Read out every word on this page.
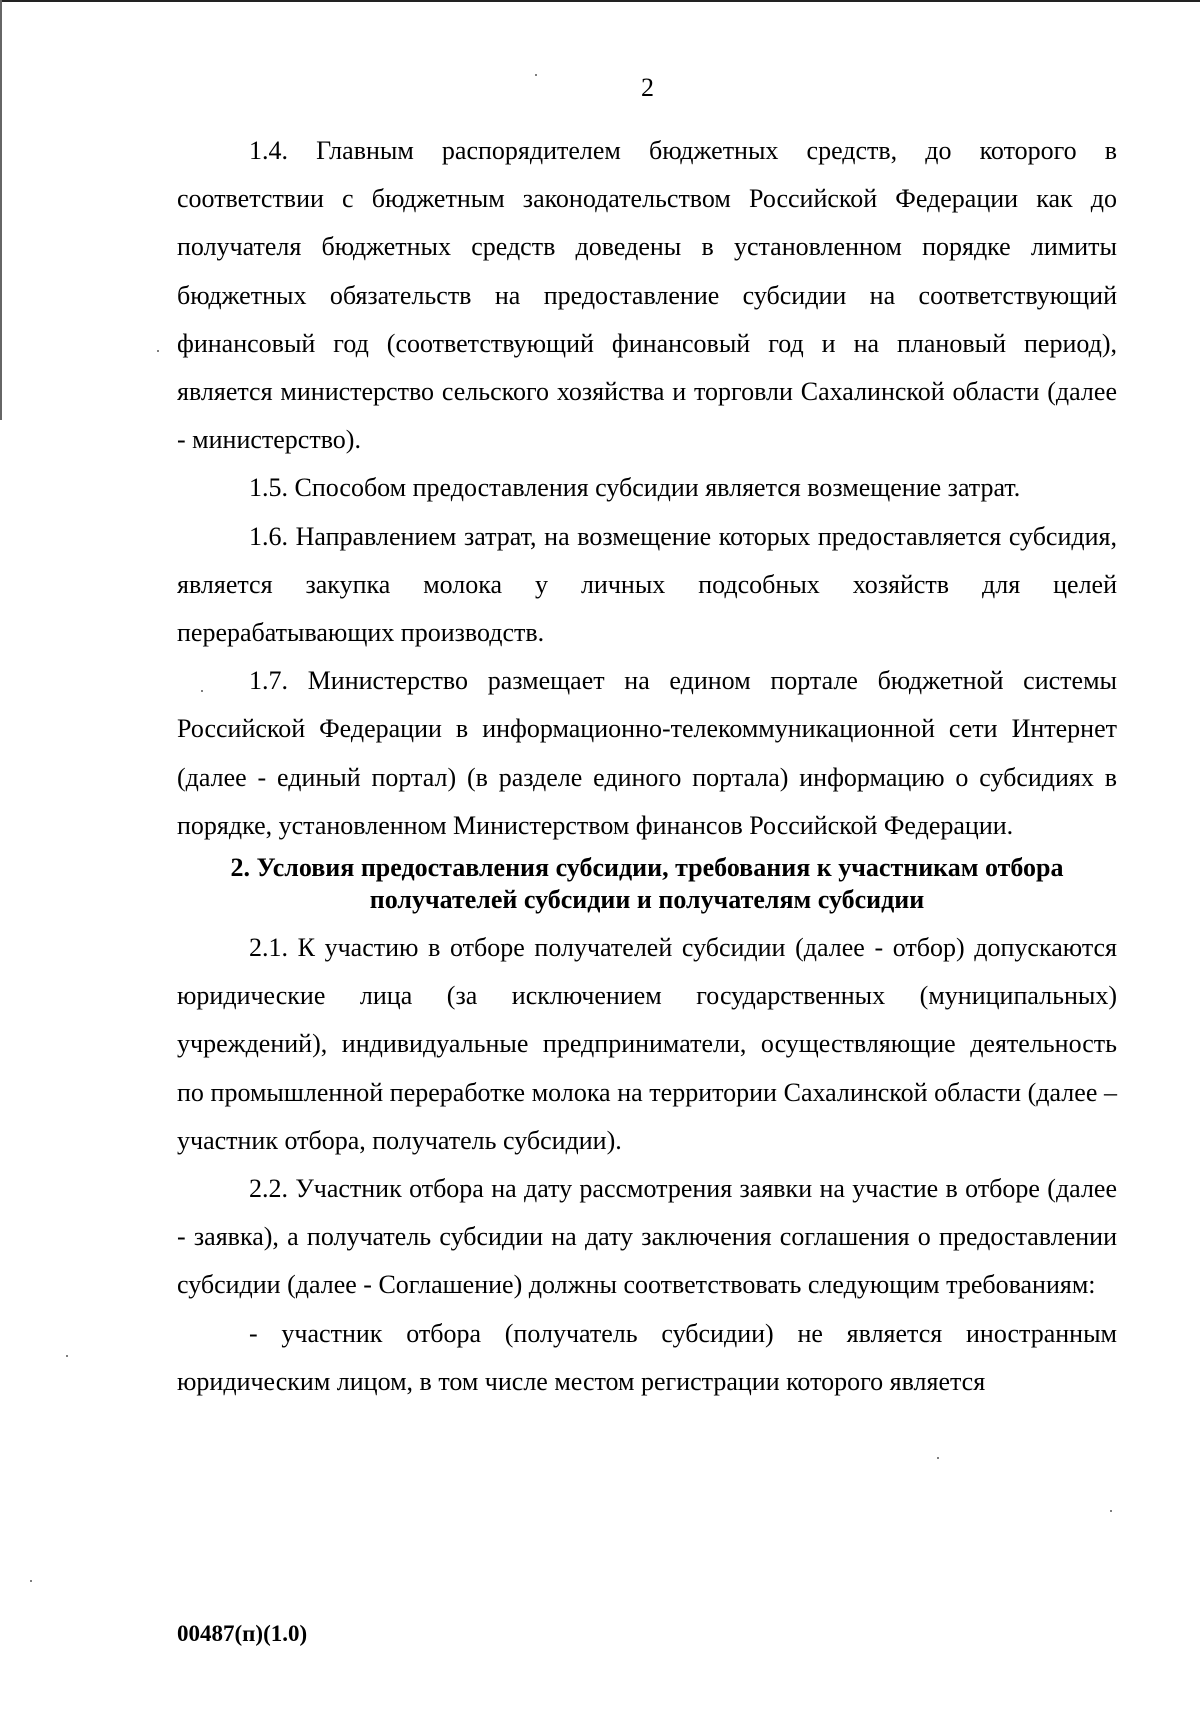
2

1.4. Главным распорядителем бюджетных средств, до которого в соответствии с бюджетным законодательством Российской Федерации как до получателя бюджетных средств доведены в установленном порядке лимиты бюджетных обязательств на предоставление субсидии на соответствующий финансовый год (соответствующий финансовый год и на плановый период), является министерство сельского хозяйства и торговли Сахалинской области (далее - министерство).

1.5. Способом предоставления субсидии является возмещение затрат.

1.6. Направлением затрат, на возмещение которых предоставляется субсидия, является закупка молока у личных подсобных хозяйств для целей перерабатывающих производств.

1.7. Министерство размещает на едином портале бюджетной системы Российской Федерации в информационно-телекоммуникационной сети Интернет (далее - единый портал) (в разделе единого портала) информацию о субсидиях в порядке, установленном Министерством финансов Российской Федерации.

2. Условия предоставления субсидии, требования к участникам отбора
получателей субсидии и получателям субсидии

2.1. К участию в отборе получателей субсидии (далее - отбор) допускаются юридические лица (за исключением государственных (муниципальных) учреждений), индивидуальные предприниматели, осуществляющие деятельность по промышленной переработке молока на территории Сахалинской области (далее – участник отбора, получатель субсидии).

2.2. Участник отбора на дату рассмотрения заявки на участие в отборе (далее - заявка), а получатель субсидии на дату заключения соглашения о предоставлении субсидии (далее - Соглашение) должны соответствовать следующим требованиям:

- участник отбора (получатель субсидии) не является иностранным юридическим лицом, в том числе местом регистрации которого является

00487(п)(1.0)
